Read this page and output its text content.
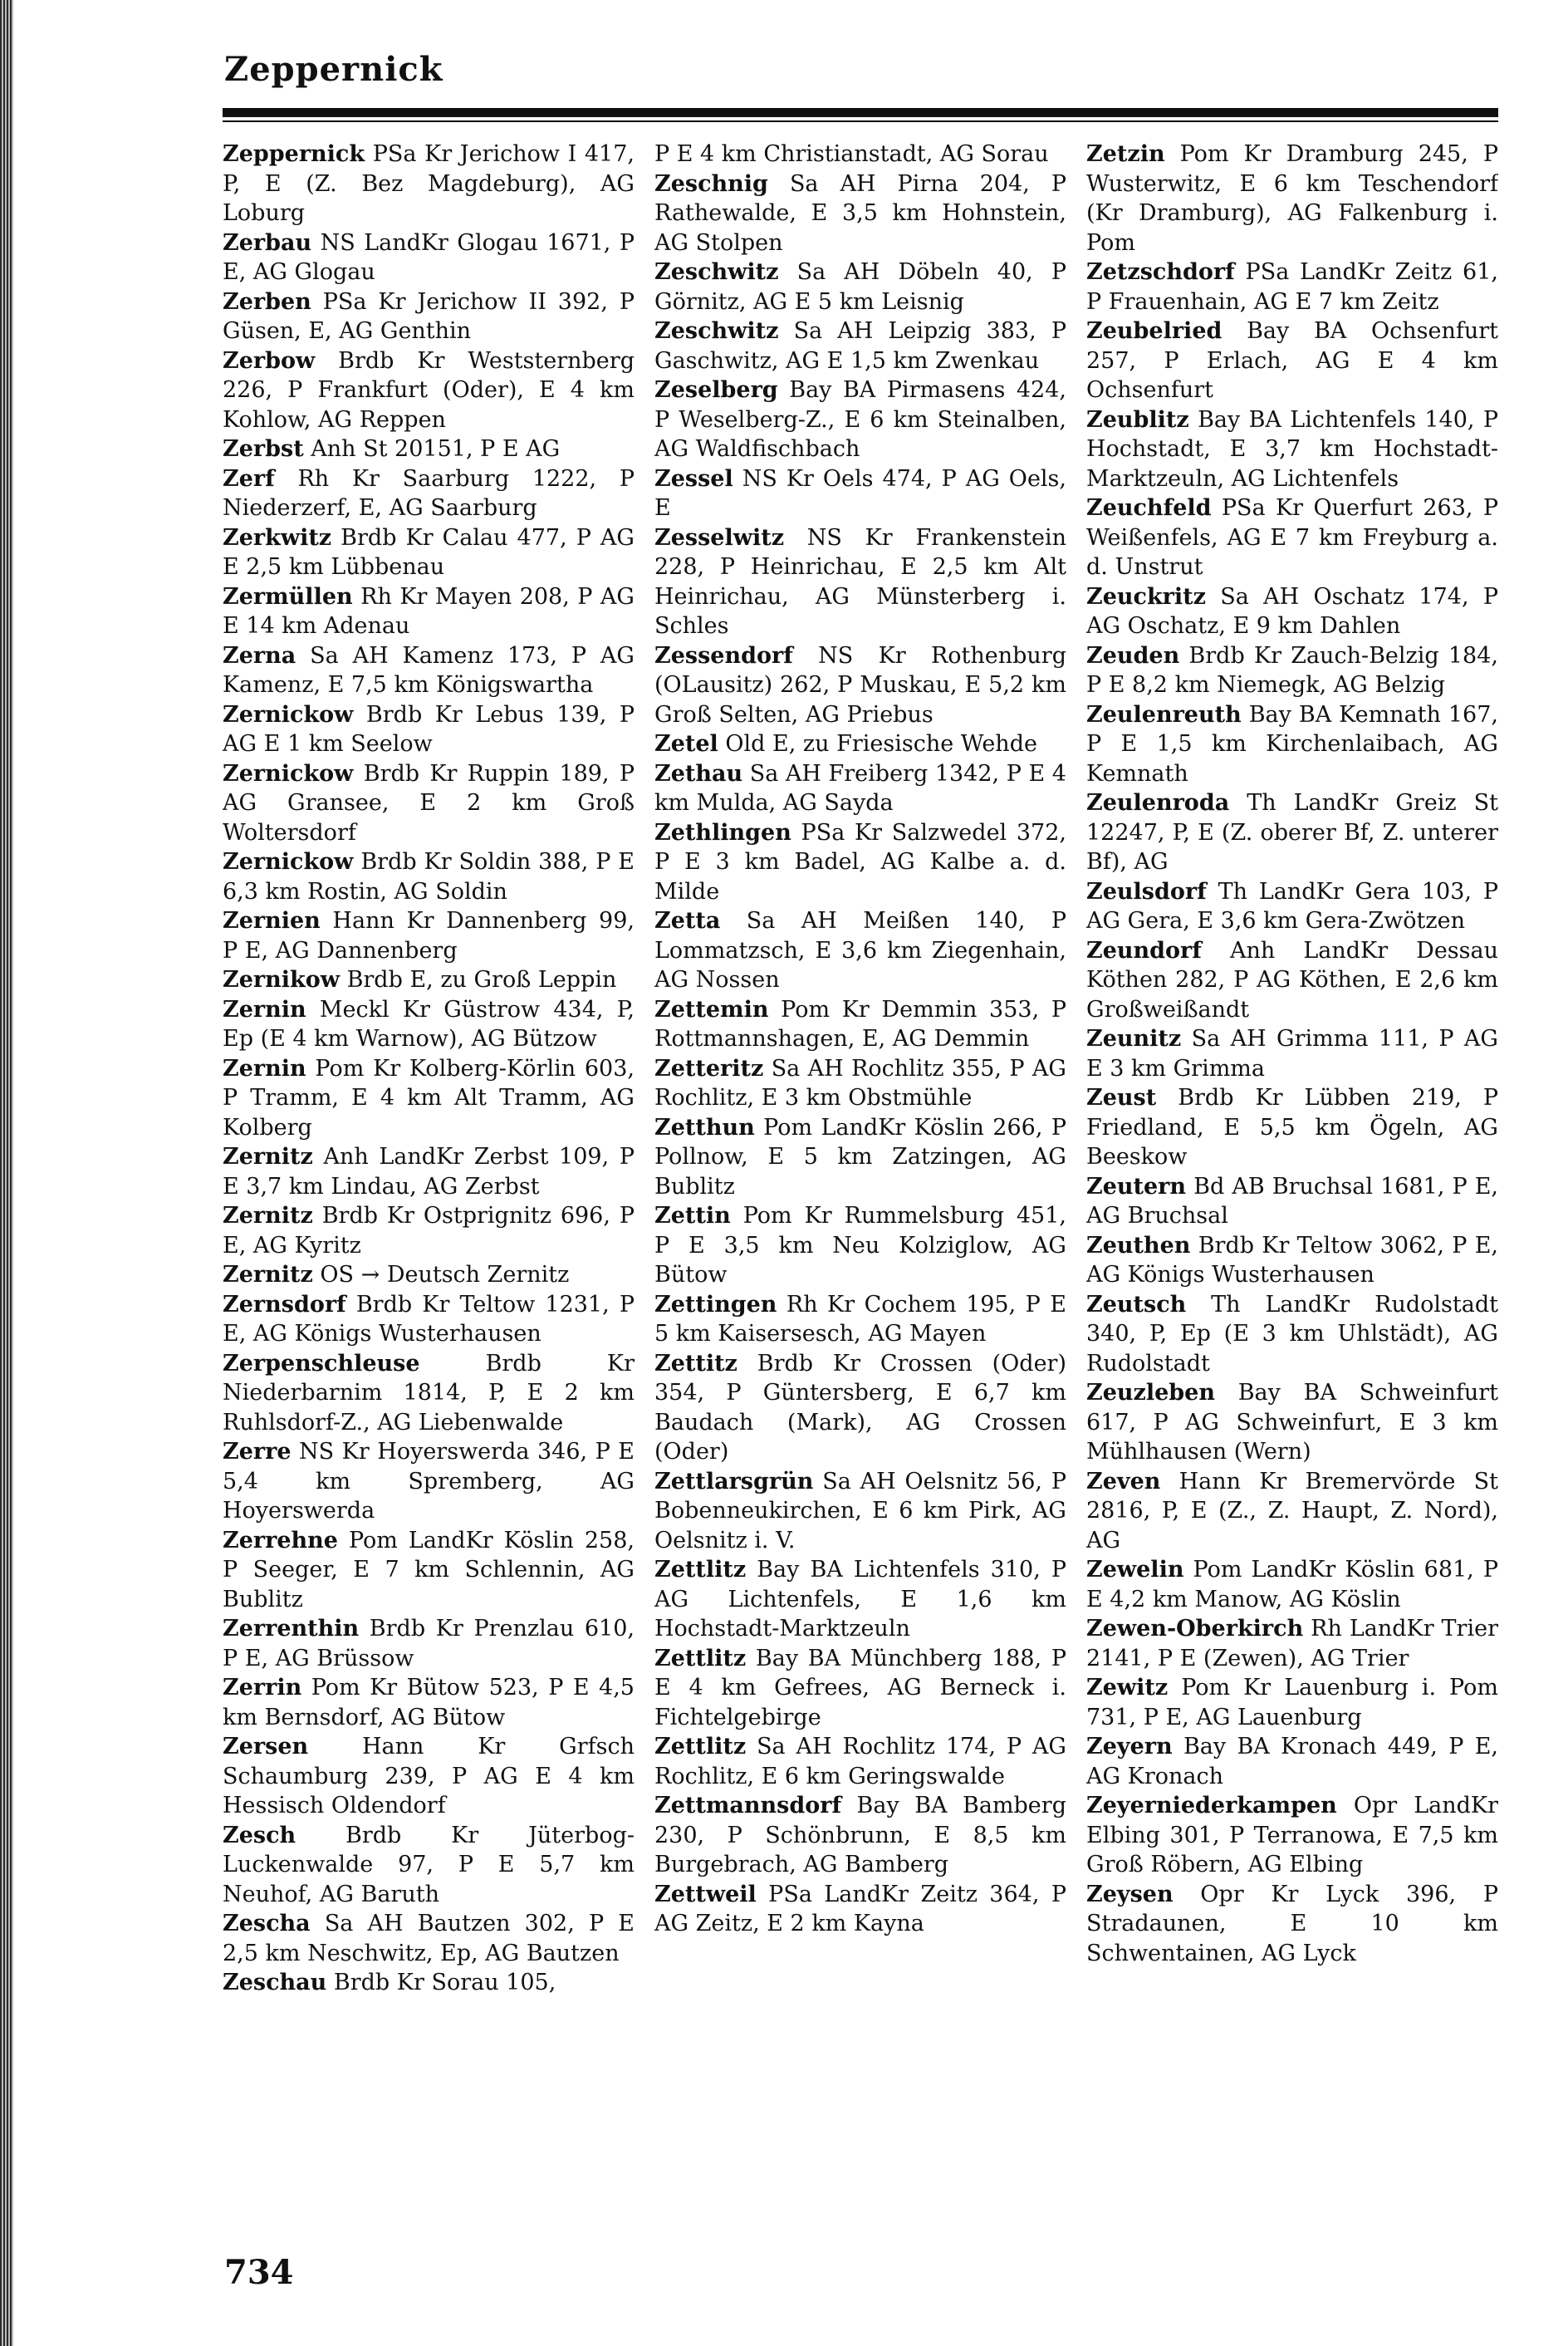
Zeppernick

Zeppernick PSa Kr Jerichow I 417, P, E (Z. Bez Magdeburg), AG Loburg

Zerbau NS LandKr Glogau 1671, P E, AG Glogau

Zerben PSa Kr Jerichow II 392, P Güsen, E, AG Genthin

Zerbow Brdb Kr Weststernberg 226, P Frankfurt (Oder), E 4 km Kohlow, AG Reppen

Zerbst Anh St 20151, P E AG

Zerf Rh Kr Saarburg 1222, P Niederzerf, E, AG Saarburg

Zerkwitz Brdb Kr Calau 477, P AG E 2,5 km Lübbenau

Zermüllen Rh Kr Mayen 208, P AG E 14 km Adenau

Zerna Sa AH Kamenz 173, P AG Kamenz, E 7,5 km Königswartha

Zernickow Brdb Kr Lebus 139, P AG E 1 km Seelow

Zernickow Brdb Kr Ruppin 189, P AG Gransee, E 2 km Groß Woltersdorf

Zernickow Brdb Kr Soldin 388, P E 6,3 km Rostin, AG Soldin

Zernien Hann Kr Dannenberg 99, P E, AG Dannenberg

Zernikow Brdb E, zu Groß Leppin

Zernin Meckl Kr Güstrow 434, P, Ep (E 4 km Warnow), AG Bützow

Zernin Pom Kr Kolberg-Körlin 603, P Tramm, E 4 km Alt Tramm, AG Kolberg

Zernitz Anh LandKr Zerbst 109, P E 3,7 km Lindau, AG Zerbst

Zernitz Brdb Kr Ostprignitz 696, P E, AG Kyritz

Zernitz OS → Deutsch Zernitz

Zernsdorf Brdb Kr Teltow 1231, P E, AG Königs Wusterhausen

Zerpenschleuse	Brdb Kr Niederbarnim 1814, P, E 2 km Ruhlsdorf-Z., AG Liebenwalde

Zerre NS Kr Hoyerswerda 346, P E 5,4 km Spremberg, AG Hoyerswerda

Zerrehne Pom LandKr Köslin 258, P Seeger, E 7 km Schlennin, AG Bublitz

Zerrenthin Brdb Kr Prenzlau 610, P E, AG Brüssow

Zerrin Pom Kr Bütow 523, P E 4,5 km Bernsdorf, AG Bütow

Zersen Hann Kr Grfsch Schaumburg 239, P AG E 4 km Hessisch Oldendorf

Zesch Brdb Kr Jüterbog-Luckenwalde 97, P E 5,7 km Neuhof, AG Baruth

Zescha Sa AH Bautzen 302, P E 2,5 km Neschwitz, Ep, AG Bautzen

Zeschau Brdb Kr Sorau 105,

P E 4 km Christianstadt, AG Sorau

Zeschnig Sa AH Pirna 204, P Rathewalde, E 3,5 km Hohnstein, AG Stolpen

Zeschwitz Sa AH Döbeln 40, P Görnitz, AG E 5 km Leisnig

Zeschwitz Sa AH Leipzig 383, P Gaschwitz, AG E 1,5 km Zwenkau

Zeselberg Bay BA Pirmasens 424, P Weselberg-Z., E 6 km Steinalben, AG Waldfischbach

Zessel NS Kr Oels 474, P AG Oels, E

Zesselwitz NS Kr Frankenstein 228, P Heinrichau, E 2,5 km Alt Heinrichau, AG Münsterberg i. Schles

Zessendorf NS Kr Rothenburg (OLausitz) 262, P Muskau, E 5,2 km Groß Selten, AG Priebus

Zetel Old E, zu Friesische Wehde

Zethau Sa AH Freiberg 1342, P E 4 km Mulda, AG Sayda

Zethlingen PSa Kr Salzwedel 372, P E 3 km Badel, AG Kalbe a. d. Milde

Zetta Sa AH Meißen 140, P Lommatzsch, E 3,6 km Ziegenhain, AG Nossen

Zettemin Pom Kr Demmin 353, P Rottmannshagen, E, AG Demmin

Zetteritz Sa AH Rochlitz 355, P AG Rochlitz, E 3 km Obstmühle

Zetthun Pom LandKr Köslin 266, P Pollnow, E 5 km Zatzingen, AG Bublitz

Zettin Pom Kr Rummelsburg 451, P E 3,5 km Neu Kolziglow, AG Bütow

Zettingen Rh Kr Cochem 195, P E 5 km Kaisersesch, AG Mayen

Zettitz Brdb Kr Crossen (Oder) 354, P Güntersberg, E 6,7 km Baudach (Mark), AG Crossen (Oder)

Zettlarsgrün Sa AH Oelsnitz 56, P Bobenneukirchen, E 6 km Pirk, AG Oelsnitz i. V.

Zettlitz Bay BA Lichtenfels 310, P AG Lichtenfels, E 1,6 km Hochstadt-Marktzeuln

Zettlitz Bay BA Münchberg 188, P E 4 km Gefrees, AG Berneck i. Fichtelgebirge

Zettlitz Sa AH Rochlitz 174, P AG Rochlitz, E 6 km Geringswalde

Zettmannsdorf Bay BA Bamberg 230, P Schönbrunn, E 8,5 km Burgebrach, AG Bamberg

Zettweil PSa LandKr Zeitz 364, P AG Zeitz, E 2 km Kayna

Zetzin Pom Kr Dramburg 245, P Wusterwitz, E 6 km Teschendorf (Kr Dramburg), AG Falkenburg i. Pom

Zetzschdorf PSa LandKr Zeitz 61, P Frauenhain, AG E 7 km Zeitz

Zeubelried Bay BA Ochsenfurt 257, P Erlach, AG E 4 km Ochsenfurt

Zeublitz Bay BA Lichtenfels 140, P Hochstadt, E 3,7 km Hochstadt-Marktzeuln, AG Lichtenfels

Zeuchfeld PSa Kr Querfurt 263, P Weißenfels, AG E 7 km Freyburg a. d. Unstrut

Zeuckritz Sa AH Oschatz 174, P AG Oschatz, E 9 km Dahlen

Zeuden Brdb Kr Zauch-Belzig 184, P E 8,2 km Niemegk, AG Belzig

Zeulenreuth Bay BA Kemnath 167, P E 1,5 km Kirchenlaibach, AG Kemnath

Zeulenroda Th LandKr Greiz St 12247, P, E (Z. oberer Bf, Z. unterer Bf), AG

Zeulsdorf Th LandKr Gera 103, P AG Gera, E 3,6 km Gera-Zwötzen

Zeundorf Anh LandKr Dessau Köthen 282, P AG Köthen, E 2,6 km Großweißandt

Zeunitz Sa AH Grimma 111, P AG E 3 km Grimma

Zeust Brdb Kr Lübben 219, P Friedland, E 5,5 km Ögeln, AG Beeskow

Zeutern Bd AB Bruchsal 1681, P E, AG Bruchsal

Zeuthen Brdb Kr Teltow 3062, P E, AG Königs Wusterhausen

Zeutsch Th LandKr Rudolstadt 340, P, Ep (E 3 km Uhlstädt), AG Rudolstadt

Zeuzleben Bay BA Schweinfurt 617, P AG Schweinfurt, E 3 km Mühlhausen (Wern)

Zeven Hann Kr Bremervörde St 2816, P, E (Z., Z. Haupt, Z. Nord), AG

Zewelin Pom LandKr Köslin 681, P E 4,2 km Manow, AG Köslin

Zewen-Oberkirch Rh LandKr Trier 2141, P E (Zewen), AG Trier

Zewitz Pom Kr Lauenburg i. Pom 731, P E, AG Lauenburg

Zeyern Bay BA Kronach 449, P E, AG Kronach

Zeyerniederkampen Opr LandKr Elbing 301, P Terranowa, E 7,5 km Groß Röbern, AG Elbing

Zeysen Opr Kr Lyck 396, P Stradaunen, E 10 km Schwentainen, AG Lyck

734
